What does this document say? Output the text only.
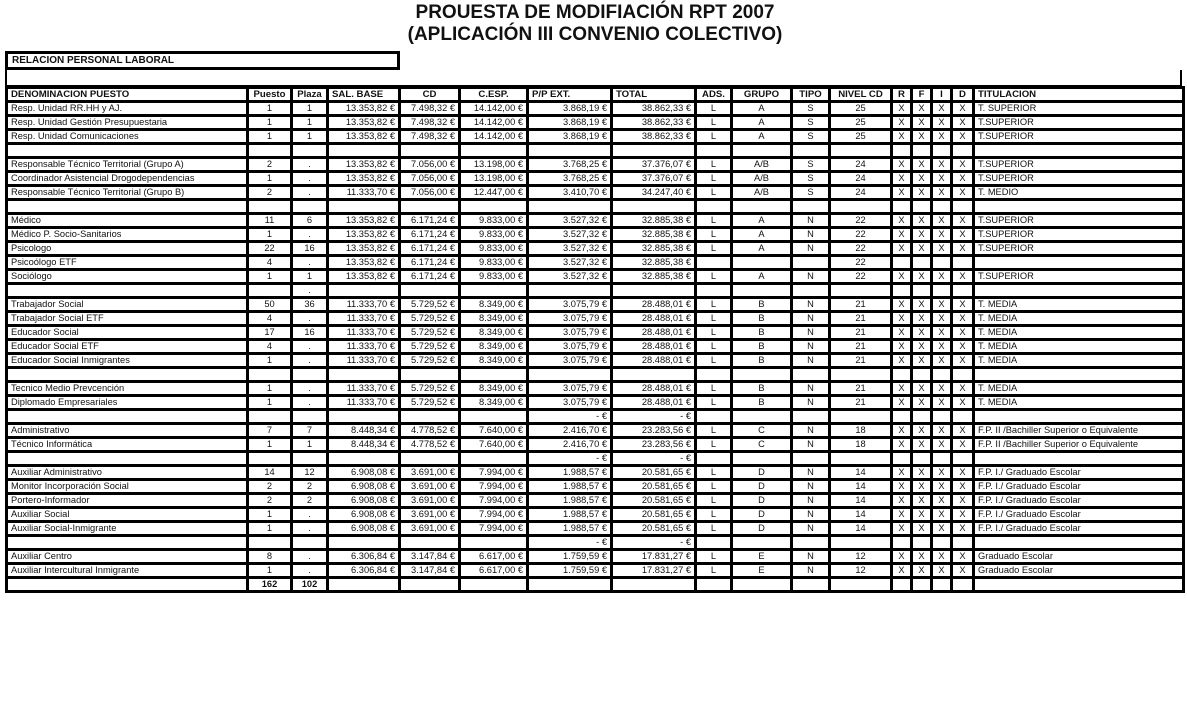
PROUESTA DE MODIFIACIÓN RPT 2007
(APLICACIÓN III CONVENIO COLECTIVO)
RELACION PERSONAL LABORAL
DENOMINACION PUESTO	Puesto	Plaza	SAL. BASE	CD	C.ESP.	P/P EXT.	TOTAL	ADS.	GRUPO	TIPO	NIVEL CD	R	F	I	D	TITULACION
Resp. Unidad RR.HH y AJ.	1	1	13.353,82 €	7.498,32 €	14.142,00 €	3.868,19 €	38.862,33 €	L	A	S	25	X	X	X	X	T. SUPERIOR
Resp. Unidad Gestión Presupuestaria	1	1	13.353,82 €	7.498,32 €	14.142,00 €	3.868,19 €	38.862,33 €	L	A	S	25	X	X	X	X	T.SUPERIOR
Resp. Unidad Comunicaciones	1	1	13.353,82 €	7.498,32 €	14.142,00 €	3.868,19 €	38.862,33 €	L	A	S	25	X	X	X	X	T.SUPERIOR

Responsable Técnico Territorial (Grupo A)	2	.	13.353,82 €	7.056,00 €	13.198,00 €	3.768,25 €	37.376,07 €	L	A/B	S	24	X	X	X	X	T.SUPERIOR
Coordinador Asistencial Drogodependencias	1	.	13.353,82 €	7.056,00 €	13.198,00 €	3.768,25 €	37.376,07 €	L	A/B	S	24	X	X	X	X	T.SUPERIOR
Responsable Técnico Territorial (Grupo B)	2	.	11.333,70 €	7.056,00 €	12.447,00 €	3.410,70 €	34.247,40 €	L	A/B	S	24	X	X	X	X	T. MEDIO

Médico	11	6	13.353,82 €	6.171,24 €	9.833,00 €	3.527,32 €	32.885,38 €	L	A	N	22	X	X	X	X	T.SUPERIOR
Médico P. Socio-Sanitarios	1	.	13.353,82 €	6.171,24 €	9.833,00 €	3.527,32 €	32.885,38 €	L	A	N	22	X	X	X	X	T.SUPERIOR
Psicologo	22	16	13.353,82 €	6.171,24 €	9.833,00 €	3.527,32 €	32.885,38 €	L	A	N	22	X	X	X	X	T.SUPERIOR
Psicoólogo ETF	4	.	13.353,82 €	6.171,24 €	9.833,00 €	3.527,32 €	32.885,38 €				22					
Sociólogo	1	1	13.353,82 €	6.171,24 €	9.833,00 €	3.527,32 €	32.885,38 €	L	A	N	22	X	X	X	X	T.SUPERIOR
		.														
Trabajador Social	50	36	11.333,70 €	5.729,52 €	8.349,00 €	3.075,79 €	28.488,01 €	L	B	N	21	X	X	X	X	T. MEDIA
Trabajador Social ETF	4	.	11.333,70 €	5.729,52 €	8.349,00 €	3.075,79 €	28.488,01 €	L	B	N	21	X	X	X	X	T. MEDIA
Educador Social	17	16	11.333,70 €	5.729,52 €	8.349,00 €	3.075,79 €	28.488,01 €	L	B	N	21	X	X	X	X	T. MEDIA
Educador Social ETF	4	.	11.333,70 €	5.729,52 €	8.349,00 €	3.075,79 €	28.488,01 €	L	B	N	21	X	X	X	X	T. MEDIA
Educador Social Inmigrantes	1	.	11.333,70 €	5.729,52 €	8.349,00 €	3.075,79 €	28.488,01 €	L	B	N	21	X	X	X	X	T. MEDIA

Tecnico Medio Prevcención	1	.	11.333,70 €	5.729,52 €	8.349,00 €	3.075,79 €	28.488,01 €	L	B	N	21	X	X	X	X	T. MEDIA
Diplomado Empresariales	1	.	11.333,70 €	5.729,52 €	8.349,00 €	3.075,79 €	28.488,01 €	L	B	N	21	X	X	X	X	T. MEDIA
						- €	- €									
Administrativo	7	7	8.448,34 €	4.778,52 €	7.640,00 €	2.416,70 €	23.283,56 €	L	C	N	18	X	X	X	X	F.P. II /Bachiller Superior o Equivalente
Técnico Informática	1	1	8.448,34 €	4.778,52 €	7.640,00 €	2.416,70 €	23.283,56 €	L	C	N	18	X	X	X	X	F.P. II /Bachiller Superior o Equivalente
						- €	- €									
Auxiliar Administrativo	14	12	6.908,08 €	3.691,00 €	7.994,00 €	1.988,57 €	20.581,65 €	L	D	N	14	X	X	X	X	F.P. I./ Graduado Escolar
Monitor Incorporación Social	2	2	6.908,08 €	3.691,00 €	7.994,00 €	1.988,57 €	20.581,65 €	L	D	N	14	X	X	X	X	F.P. I./ Graduado Escolar
Portero-Informador	2	2	6.908,08 €	3.691,00 €	7.994,00 €	1.988,57 €	20.581,65 €	L	D	N	14	X	X	X	X	F.P. I./ Graduado Escolar
Auxiliar Social	1	.	6.908,08 €	3.691,00 €	7.994,00 €	1.988,57 €	20.581,65 €	L	D	N	14	X	X	X	X	F.P. I./ Graduado Escolar
Auxiliar Social-Inmigrante	1	.	6.908,08 €	3.691,00 €	7.994,00 €	1.988,57 €	20.581,65 €	L	D	N	14	X	X	X	X	F.P. I./ Graduado Escolar
						- €	- €									
Auxiliar Centro	8	.	6.306,84 €	3.147,84 €	6.617,00 €	1.759,59 €	17.831,27 €	L	E	N	12	X	X	X	X	Graduado Escolar
Auxiliar Intercultural Inmigrante	1	.	6.306,84 €	3.147,84 €	6.617,00 €	1.759,59 €	17.831,27 €	L	E	N	12	X	X	X	X	Graduado Escolar
	162	102														
